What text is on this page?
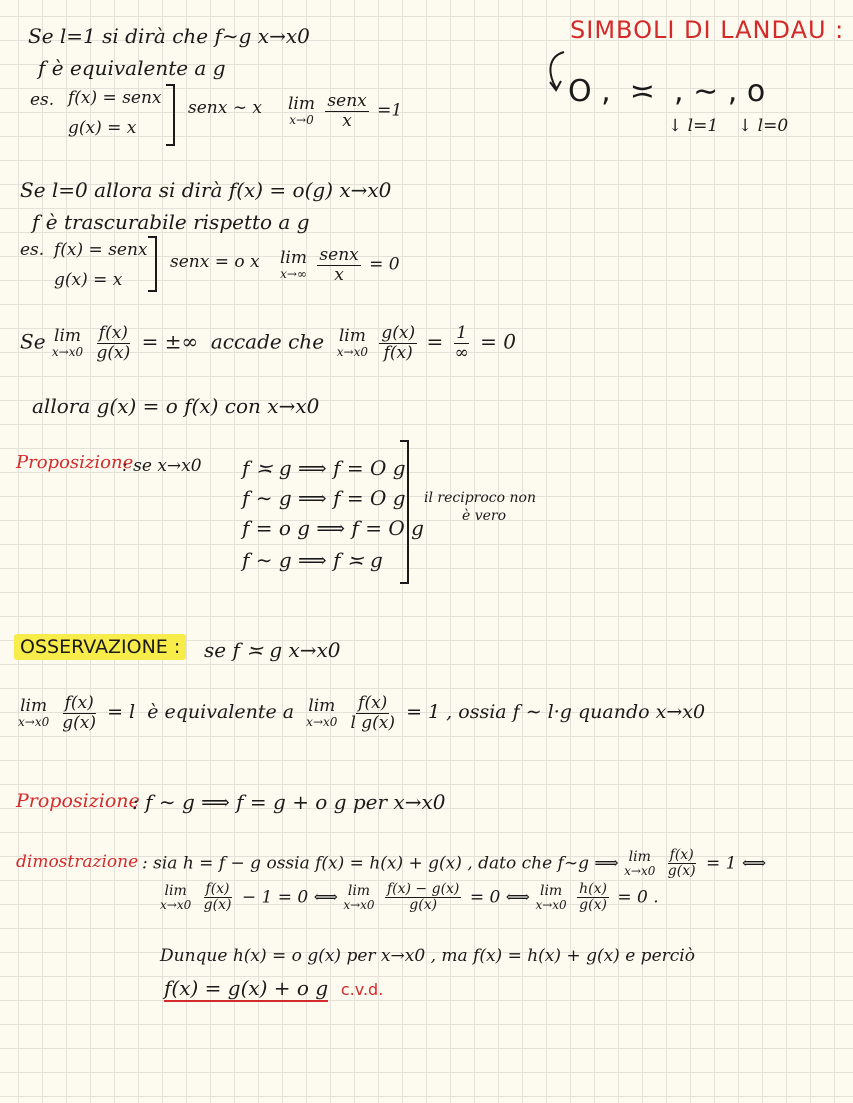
SIMBOLI DI LANDAU :
O ,  ≍  , ∼ , o
↓ l=1 ↓ l=0
Se l=1 si dirà che f∼g x→x0
f è equivalente a g
es. f(x) = senx
g(x) = x
senx ∼ x lim
x→0
$\frac{\text{senx}}{x} =1$
Se l=0 allora si dirà f(x) = o(g) x→x0
f è trascurabile rispetto a g
es. f(x) = senx
g(x) = x
senx = o x lim
x→∞
$\frac{\text{senx}}{x} = 0$
Se lim
x→x0
$\frac{f(x)}{g(x)}$ = ±∞ accade che lim
x→x0
$\frac{g(x)}{f(x)} = \frac{1}{\infty} = 0$
allora g(x) = o f(x) con x→x0
Proposizione
: se x→x0 f ≍ g ⟹ f = O g
f ∼ g ⟹ f = O g
f = o g ⟹ f = O g
f ∼ g ⟹ f ≍ g
il reciproco non
è vero
OSSERVAZIONE :	se f ≍ g x→x0
lim
x→x0
$\frac{f(x)}{g(x)} = l$ è equivalente a lim
x→x0
$\frac{f(x)}{\text{l g(x)}} = 1$ , ossia f ∼ l·g quando x→x0
Proposizione
: f ∼ g ⟹ f = g + o g per x→x0
dimostrazione : sia h = f − g ossia f(x) = h(x) + g(x) , dato che f∼g ⟹ lim
x→x0
$\frac{f(x)}{g(x)} = 1$ ⟺
lim
x→x0
$\frac{f(x)}{g(x)} - 1 = 0$ ⟺ lim
x→x0
$\frac{f(x) - g(x)}{g(x)} = 0$ ⟺ lim
x→x0
$\frac{h(x)}{g(x)} = 0$ .
Dunque h(x) = o g(x) per x→x0 , ma f(x) = h(x) + g(x) e perciò
f(x) = g(x) + o g c.v.d.
